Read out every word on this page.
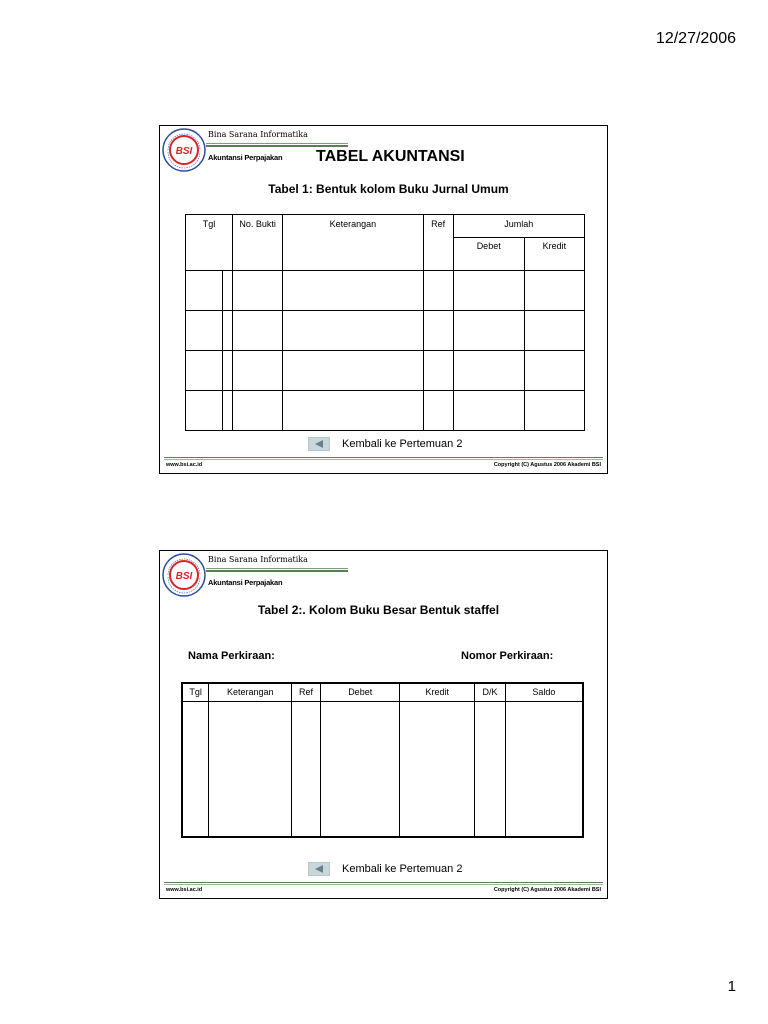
12/27/2006
BSI
Bina Sarana Informatika
Akuntansi Perpajakan TABEL AKUNTANSI
Tabel 1: Bentuk kolom Buku Jurnal Umum
Tgl		No. Bukti	Keterangan	Ref	Jumlah	
					Debet	Kredit

Kembali ke Pertemuan 2
www.bsi.ac.id	Copyright (C) Agustus 2006 Akademi BSI
BSI
Bina Sarana Informatika
Akuntansi Perpajakan
Tabel 2:. Kolom Buku Besar Bentuk staffel
Nama Perkiraan:	Nomor Perkiraan:
Tgl	Keterangan	Ref	Debet	Kredit	D/K	Saldo

Kembali ke Pertemuan 2
www.bsi.ac.id	Copyright (C) Agustus 2006 Akademi BSI
1
